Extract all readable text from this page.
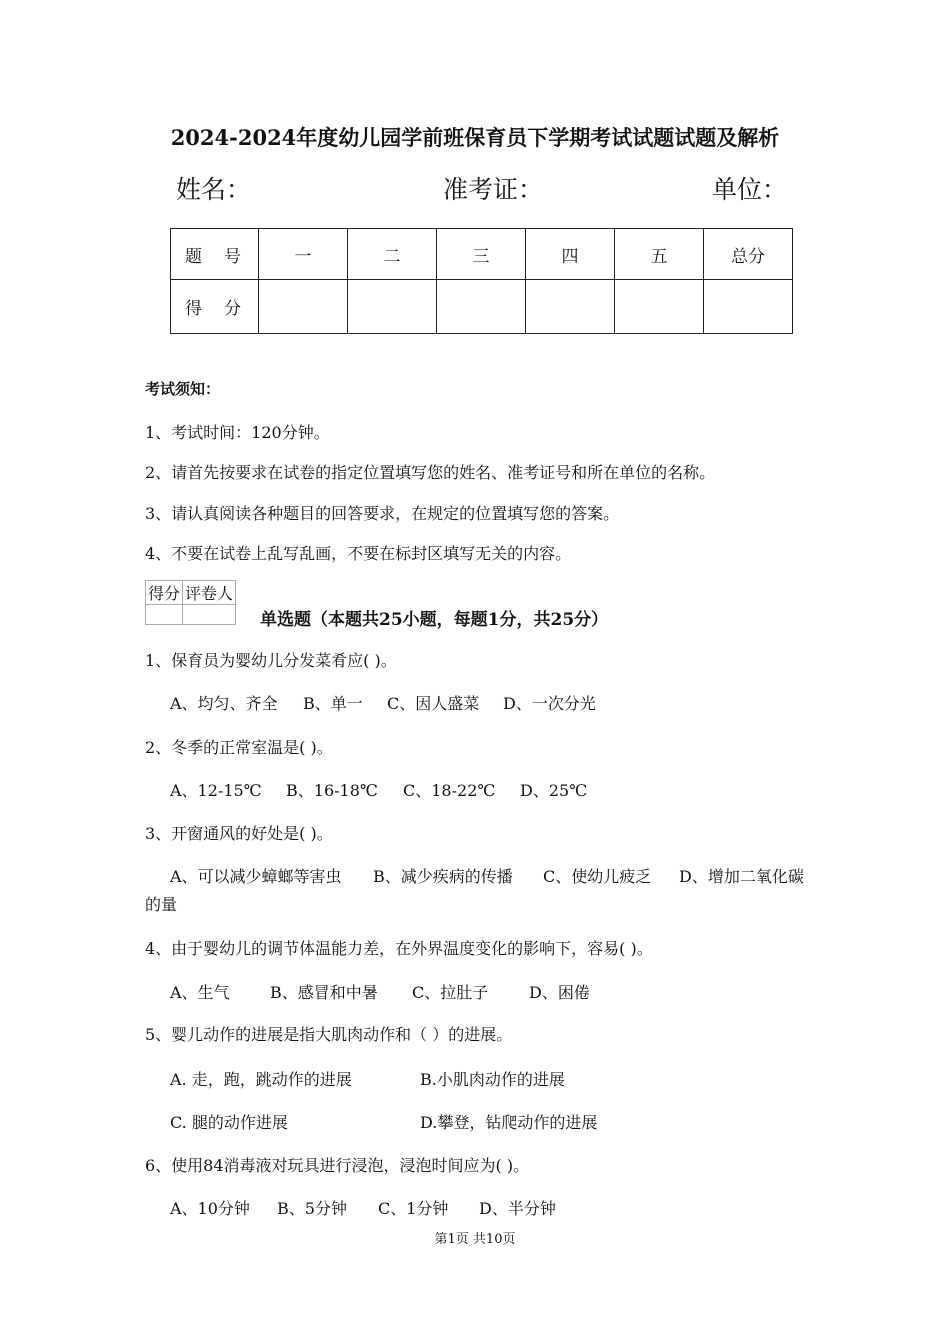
2024-2024年度幼儿园学前班保育员下学期考试试题试题及解析
姓名：	准考证：	单位：
题 号	一	二	三	四	五	总分
得 分						
考试须知：
1、考试时间：120分钟。
2、请首先按要求在试卷的指定位置填写您的姓名、准考证号和所在单位的名称。
3、请认真阅读各种题目的回答要求，在规定的位置填写您的答案。
4、不要在试卷上乱写乱画，不要在标封区填写无关的内容。
得分	评卷人

单选题（本题共25小题，每题1分，共25分）
1、保育员为婴幼儿分发菜肴应( )。
A、均匀、齐全 B、单一 C、因人盛菜 D、一次分光
2、冬季的正常室温是( )。
A、12-15℃ B、16-18℃ C、18-22℃ D、25℃
3、开窗通风的好处是( )。
A、可以减少蟑螂等害虫 B、减少疾病的传播 C、使幼儿疲乏 D、增加二氧化碳
的量
4、由于婴幼儿的调节体温能力差，在外界温度变化的影响下，容易( )。
A、生气	B、感冒和中暑 C、拉肚子	D、困倦
5、婴儿动作的进展是指大肌肉动作和（ ）的进展。
A. 走，跑，跳动作的进展	B.小肌肉动作的进展
C. 腿的动作进展	D.攀登，钻爬动作的进展
6、使用84消毒液对玩具进行浸泡，浸泡时间应为( )。
A、10分钟 B、5分钟 C、1分钟 D、半分钟
第1页 共10页
